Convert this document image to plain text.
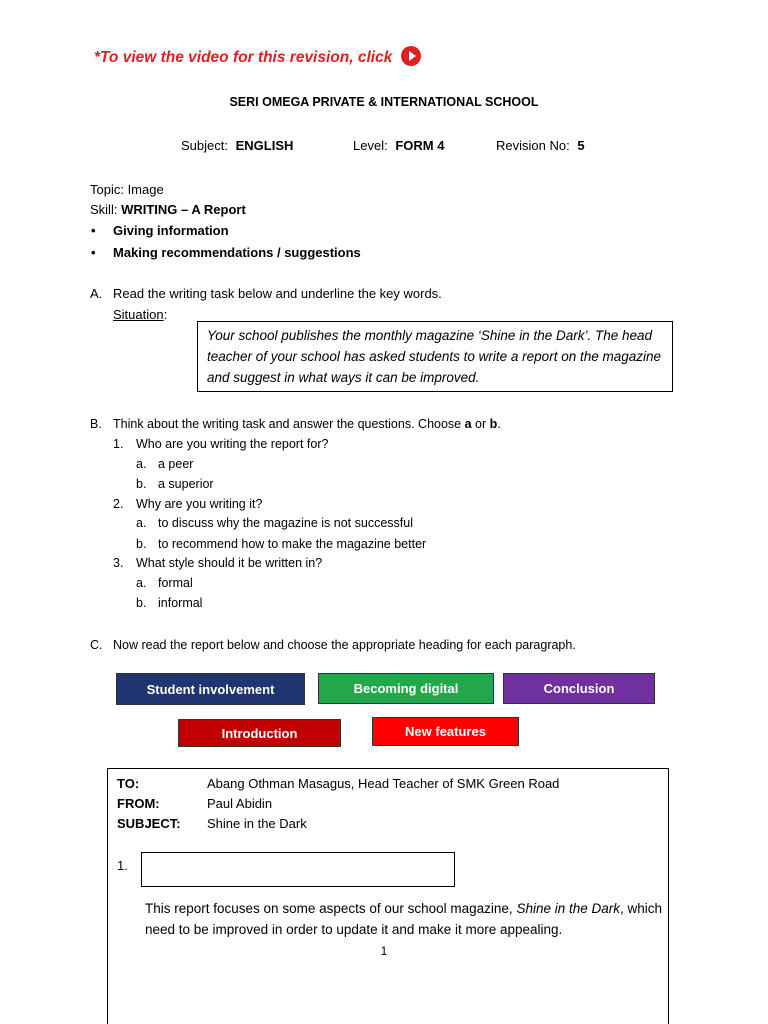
*To view the video for this revision, click
SERI OMEGA PRIVATE & INTERNATIONAL SCHOOL
Subject: ENGLISH	Level: FORM 4	Revision No: 5
Topic: Image
Skill: WRITING – A Report
• Giving information
• Making recommendations / suggestions
A. Read the writing task below and underline the key words.
Situation:
Your school publishes the monthly magazine ‘Shine in the Dark’. The head
teacher of your school has asked students to write a report on the magazine
and suggest in what ways it can be improved.
B. Think about the writing task and answer the questions. Choose a or b.
1. Who are you writing the report for?
a. a peer
b. a superior
2. Why are you writing it?
a. to discuss why the magazine is not successful
b. to recommend how to make the magazine better
3. What style should it be written in?
a. formal
b. informal
C. Now read the report below and choose the appropriate heading for each paragraph.
Student involvement	Becoming digital	Conclusion
Introduction	New features
TO:	Abang Othman Masagus, Head Teacher of SMK Green Road
FROM:	Paul Abidin
SUBJECT: Shine in the Dark
1.
This report focuses on some aspects of our school magazine, Shine in the Dark, which need to be improved in order to update it and make it more appealing.
1
